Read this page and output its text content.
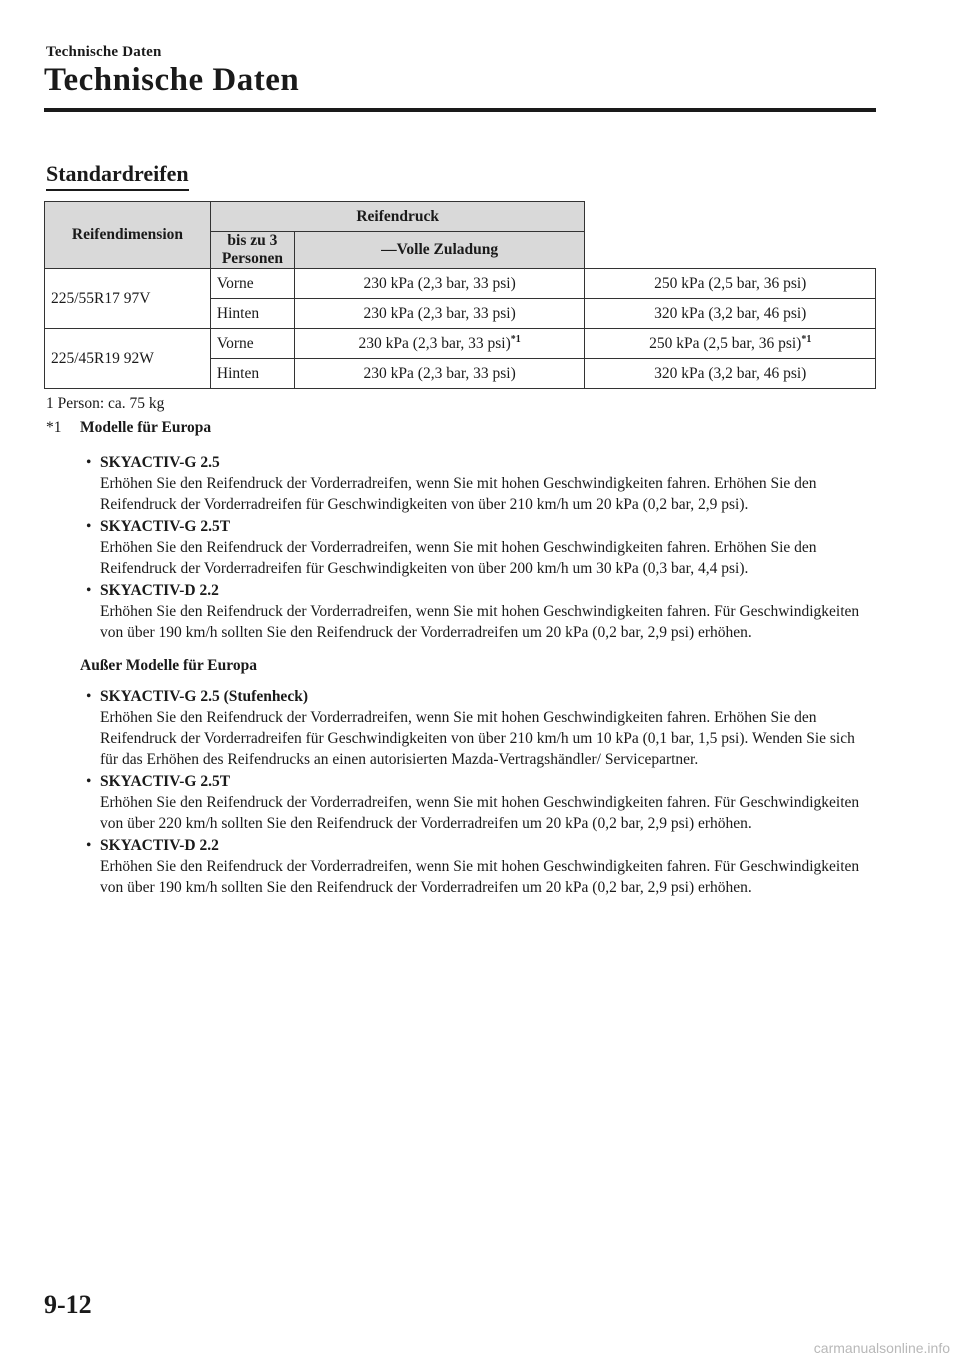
Technische Daten
Technische Daten
Standardreifen
Reifendimension	Reifendruck		
	bis zu 3 Personen	—Volle Zuladung	
225/55R17 97V	Vorne	230 kPa (2,3 bar, 33 psi)	250 kPa (2,5 bar, 36 psi)
	Hinten	230 kPa (2,3 bar, 33 psi)	320 kPa (3,2 bar, 46 psi)
225/45R19 92W	Vorne	230 kPa (2,3 bar, 33 psi)$^{*1}$	250 kPa (2,5 bar, 36 psi)$^{*1}$
	Hinten	230 kPa (2,3 bar, 33 psi)	320 kPa (3,2 bar, 46 psi)

1 Person: ca. 75 kg

*1 Modelle für Europa

• SKYACTIV-G 2.5
Erhöhen Sie den Reifendruck der Vorderradreifen, wenn Sie mit hohen Geschwindigkeiten fahren. Erhöhen Sie den Reifendruck der Vorderradreifen für Geschwindigkeiten von über 210 km/h um 20 kPa (0,2 bar, 2,9 psi).
• SKYACTIV-G 2.5T
Erhöhen Sie den Reifendruck der Vorderradreifen, wenn Sie mit hohen Geschwindigkeiten fahren. Erhöhen Sie den Reifendruck der Vorderradreifen für Geschwindigkeiten von über 200 km/h um 30 kPa (0,3 bar, 4,4 psi).
• SKYACTIV-D 2.2
Erhöhen Sie den Reifendruck der Vorderradreifen, wenn Sie mit hohen Geschwindigkeiten fahren. Für Geschwindigkeiten von über 190 km/h sollten Sie den Reifendruck der Vorderradreifen um 20 kPa (0,2 bar, 2,9 psi) erhöhen.
Außer Modelle für Europa
• SKYACTIV-G 2.5 (Stufenheck)
Erhöhen Sie den Reifendruck der Vorderradreifen, wenn Sie mit hohen Geschwindigkeiten fahren. Erhöhen Sie den Reifendruck der Vorderradreifen für Geschwindigkeiten von über 210 km/h um 10 kPa (0,1 bar, 1,5 psi). Wenden Sie sich für das Erhöhen des Reifendrucks an einen autorisierten Mazda-Vertragshändler/ Servicepartner.
• SKYACTIV-G 2.5T
Erhöhen Sie den Reifendruck der Vorderradreifen, wenn Sie mit hohen Geschwindigkeiten fahren. Für Geschwindigkeiten von über 220 km/h sollten Sie den Reifendruck der Vorderradreifen um 20 kPa (0,2 bar, 2,9 psi) erhöhen.
• SKYACTIV-D 2.2
Erhöhen Sie den Reifendruck der Vorderradreifen, wenn Sie mit hohen Geschwindigkeiten fahren. Für Geschwindigkeiten von über 190 km/h sollten Sie den Reifendruck der Vorderradreifen um 20 kPa (0,2 bar, 2,9 psi) erhöhen.
9-12
carmanualsonline.info
